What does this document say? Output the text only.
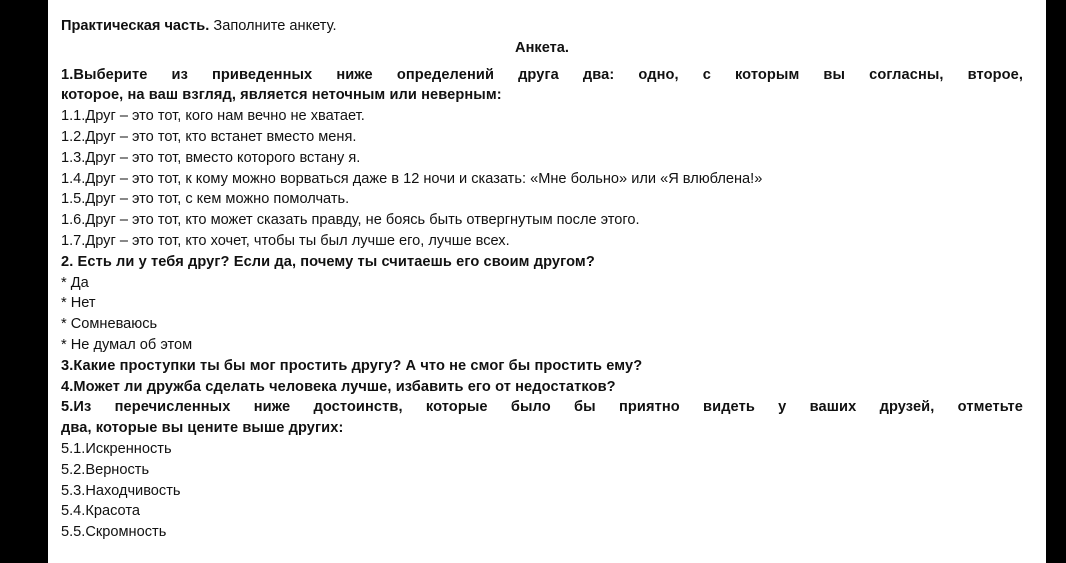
Практическая часть. Заполните анкету.
Анкета.
1.Выберите из приведенных ниже определений друга два: одно, с которым вы согласны, второе,
которое, на ваш взгляд, является неточным или неверным:
1.1.Друг – это тот, кого нам вечно не хватает.
1.2.Друг – это тот, кто встанет вместо меня.
1.3.Друг – это тот, вместо которого встану я.
1.4.Друг – это тот, к кому можно ворваться даже в 12 ночи и сказать: «Мне больно» или «Я влюблена!»
1.5.Друг – это тот, с кем можно помолчать.
1.6.Друг – это тот, кто может сказать правду, не боясь быть отвергнутым после этого.
1.7.Друг – это тот, кто хочет, чтобы ты был лучше его, лучше всех.
2. Есть ли у тебя друг? Если да, почему ты считаешь его своим другом?
* Да
* Нет
* Сомневаюсь
* Не думал об этом
3.Какие проступки ты бы мог простить другу? А что не смог бы простить ему?
4.Может ли дружба сделать человека лучше, избавить его от недостатков?
5.Из перечисленных ниже достоинств, которые было бы приятно видеть у ваших друзей, отметьте
два, которые вы цените выше других:
5.1.Искренность
5.2.Верность
5.3.Находчивость
5.4.Красота
5.5.Скромность
